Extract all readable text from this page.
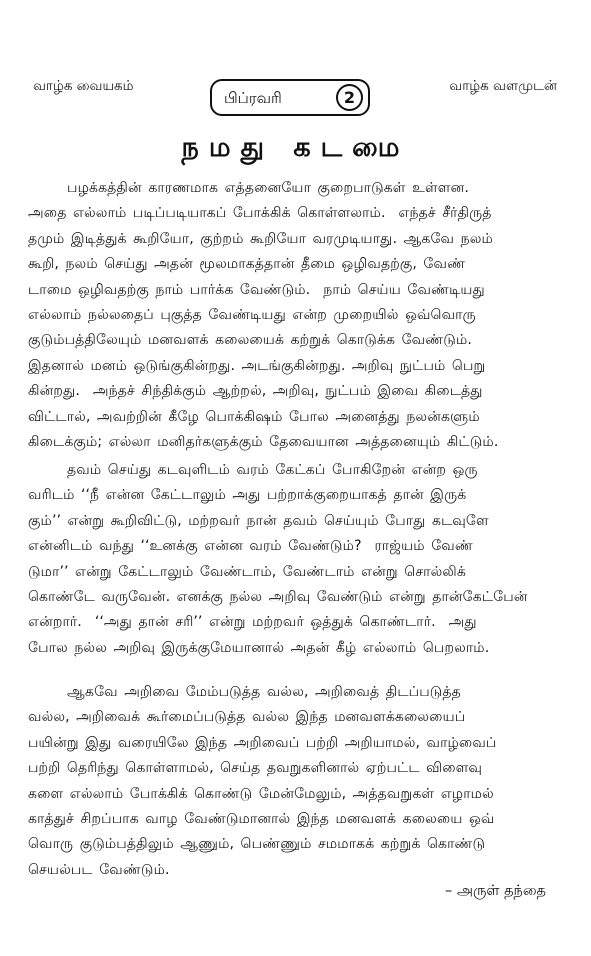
வாழ்க வையகம்
பிப்ரவரி	2
வாழ்க வளமுடன்
நமது கடமை
பழக்கத்தின் காரணமாக எத்தனையோ குறைபாடுகள் உள்ளன.
அதை எல்லாம் படிப்படியாகப் போக்கிக் கொள்ளலாம்.  எந்தச் சீர்திருத்
தமும் இடித்துக் கூறியோ, குற்றம் கூறியோ வரமுடியாது. ஆகவே நலம்
கூறி, நலம் செய்து அதன் மூலமாகத்தான் தீமை ஒழிவதற்கு, வேண்
டாமை ஒழிவதற்கு நாம் பார்க்க வேண்டும்.  நாம் செய்ய வேண்டியது
எல்லாம் நல்லதைப் புகுத்த வேண்டியது என்ற முறையில் ஒவ்வொரு
குடும்பத்திலேயும் மனவளக் கலையைக் கற்றுக் கொடுக்க வேண்டும்.
இதனால் மனம் ஒடுங்குகின்றது. அடங்குகின்றது. அறிவு நுட்பம் பெறு
கின்றது.  அந்தச் சிந்திக்கும் ஆற்றல், அறிவு, நுட்பம் இவை கிடைத்து
விட்டால், அவற்றின் கீழே பொக்கிஷம் போல அனைத்து நலன்களும்
கிடைக்கும்; எல்லா மனிதர்களுக்கும் தேவையான அத்தனையும் கிட்டும்.
தவம் செய்து கடவுளிடம் வரம் கேட்கப் போகிறேன் என்ற ஒரு
வரிடம் ‘‘நீ என்ன கேட்டாலும் அது பற்றாக்குறையாகத் தான் இருக்
கும்’’ என்று கூறிவிட்டு, மற்றவர் நான் தவம் செய்யும் போது கடவுளே
என்னிடம் வந்து ‘‘உனக்கு என்ன வரம் வேண்டும்?  ராஜ்யம் வேண்
டுமா’’ என்று கேட்டாலும் வேண்டாம், வேண்டாம் என்று சொல்லிக்
கொண்டே வருவேன். எனக்கு நல்ல அறிவு வேண்டும் என்று தான்கேட்பேன்
என்றார்.  ‘‘அது தான் சரி’’ என்று மற்றவர் ஒத்துக் கொண்டார்.  அது
போல நல்ல அறிவு இருக்குமேயானால் அதன் கீழ் எல்லாம் பெறலாம்.
ஆகவே அறிவை மேம்படுத்த வல்ல, அறிவைத் திடப்படுத்த
வல்ல, அறிவைக் கூர்மைப்படுத்த வல்ல இந்த மனவளக்கலையைப்
பயின்று இது வரையிலே இந்த அறிவைப் பற்றி அறியாமல், வாழ்வைப்
பற்றி தெரிந்து கொள்ளாமல், செய்த தவறுகளினால் ஏற்பட்ட விளைவு
களை எல்லாம் போக்கிக் கொண்டு மேன்மேலும், அத்தவறுகள் எழாமல்
காத்துச் சிறப்பாக வாழ வேண்டுமானால் இந்த மனவளக் கலையை ஒவ்
வொரு குடும்பத்திலும் ஆணும், பெண்ணும் சமமாகக் கற்றுக் கொண்டு
செயல்பட வேண்டும்.
– அருள் தந்தை
